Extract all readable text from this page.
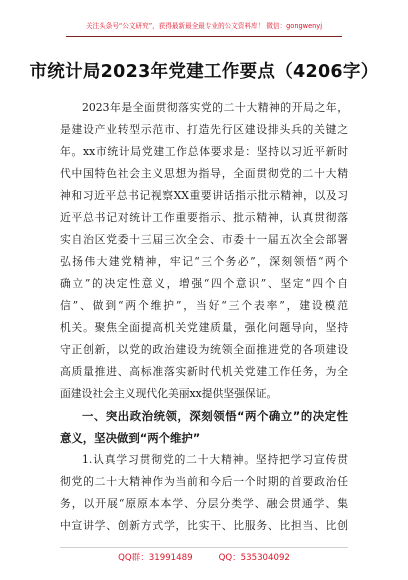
关注头条号“公文研究”，获得最新最全最专业的公文资料库！ 微信：gongwenyj
市统计局2023年党建工作要点（4206字）
2023年是全面贯彻落实党的二十大精神的开局之年，
是建设产业转型示范市、打造先行区建设排头兵的关键之
年。xx市统计局党建工作总体要求是：坚持以习近平新时
代中国特色社会主义思想为指导，全面贯彻党的二十大精
神和习近平总书记视察XX重要讲话指示批示精神，以及习
近平总书记对统计工作重要指示、批示精神，认真贯彻落
实自治区党委十三届三次全会、市委十一届五次全会部署
弘扬伟大建党精神，牢记“三个务必”，深刻领悟“两个
确立”的决定性意义，增强“四个意识”、坚定“四个自
信”、做到“两个维护”，当好“三个表率”，建设模范
机关。聚焦全面提高机关党建质量，强化问题导向，坚持
守正创新，以党的政治建设为统领全面推进党的各项建设
高质量推进、高标准落实新时代机关党建工作任务，为全
面建设社会主义现代化美丽xx提供坚强保证。
一、突出政治统领，深刻领悟“两个确立”的决定性
意义，坚决做到“两个维护”
1.认真学习贯彻党的二十大精神。坚持把学习宣传贯
彻党的二十大精神作为当前和今后一个时期的首要政治任
务，以开展“原原本本学、分层分类学、融会贯通学、集
中宣讲学、创新方式学，比实干、比服务、比担当、比创
QQ群：31991489	QQ：535304092
